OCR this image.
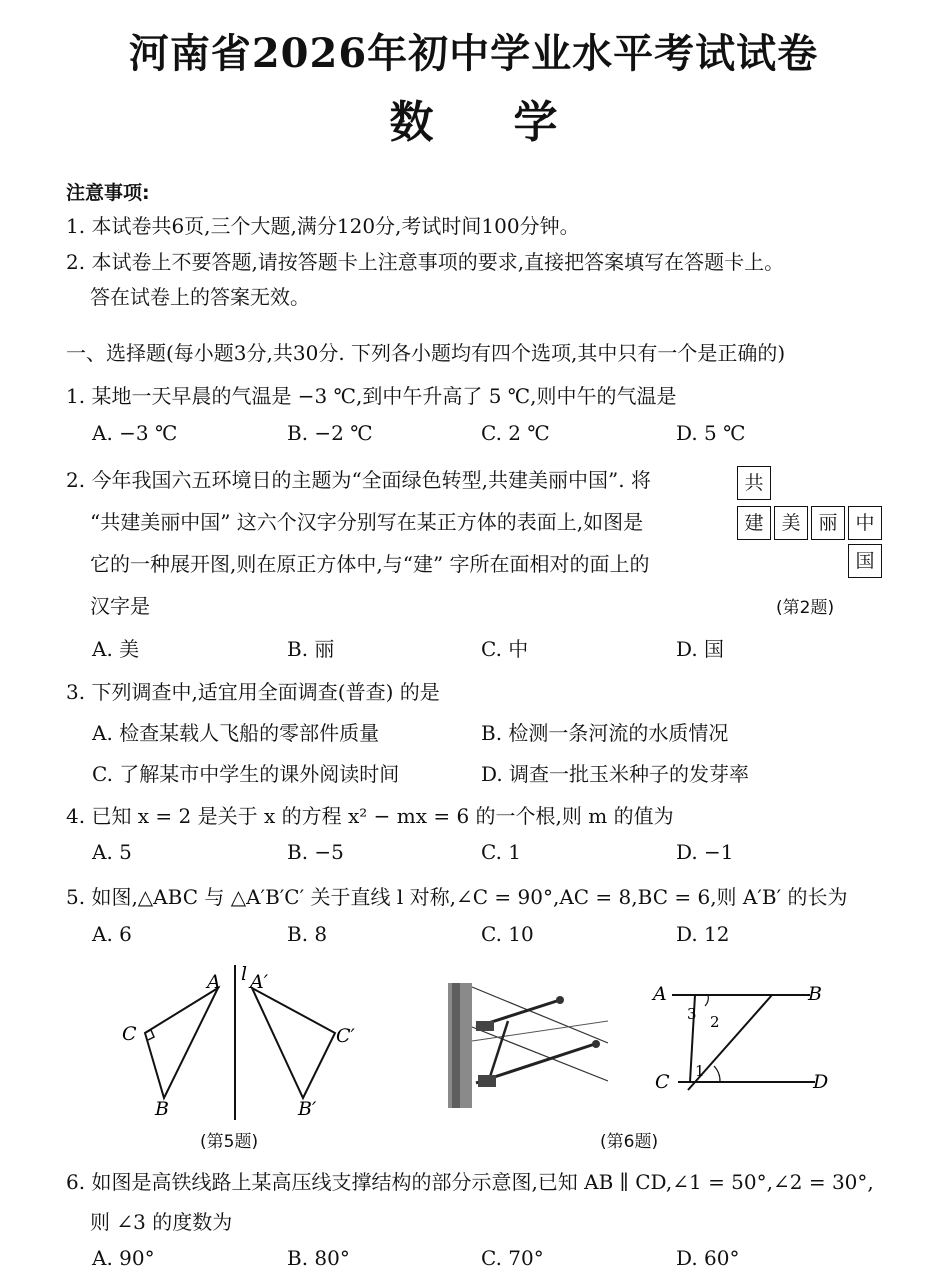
河南省2026年初中学业水平考试试卷
数学
注意事项:
1. 本试卷共6页,三个大题,满分120分,考试时间100分钟。
2. 本试卷上不要答题,请按答题卡上注意事项的要求,直接把答案填写在答题卡上。
答在试卷上的答案无效。
一、选择题(每小题3分,共30分. 下列各小题均有四个选项,其中只有一个是正确的)
1. 某地一天早晨的气温是 −3 ℃,到中午升高了 5 ℃,则中午的气温是
A. −3 ℃	B. −2 ℃	C. 2 ℃	D. 5 ℃
2. 今年我国六五环境日的主题为“全面绿色转型,共建美丽中国”. 将
“共建美丽中国” 这六个汉字分别写在某正方体的表面上,如图是
它的一种展开图,则在原正方体中,与“建” 字所在面相对的面上的
汉字是
A. 美	B. 丽	C. 中	D. 国
共
建 美 丽 中
国
(第2题)
3. 下列调查中,适宜用全面调查(普查) 的是
A. 检查某载人飞船的零部件质量	B. 检测一条河流的水质情况
C. 了解某市中学生的课外阅读时间	D. 调查一批玉米种子的发芽率
4. 已知 x = 2 是关于 x 的方程 x² − mx = 6 的一个根,则 m 的值为
A. 5	B. −5	C. 1	D. −1
5. 如图,△ABC 与 △A′B′C′ 关于直线 l 对称,∠C = 90°,AC = 8,BC = 6,则 A′B′ 的长为
A. 6	B. 8	C. 10	D. 12
A
C
B
l A′
C′
B′
(第5题)
A	B
C	D
1
2
3
(第6题)
6. 如图是高铁线路上某高压线支撑结构的部分示意图,已知 AB ∥ CD,∠1 = 50°,∠2 = 30°,
则 ∠3 的度数为
A. 90°	B. 80°	C. 70°	D. 60°
